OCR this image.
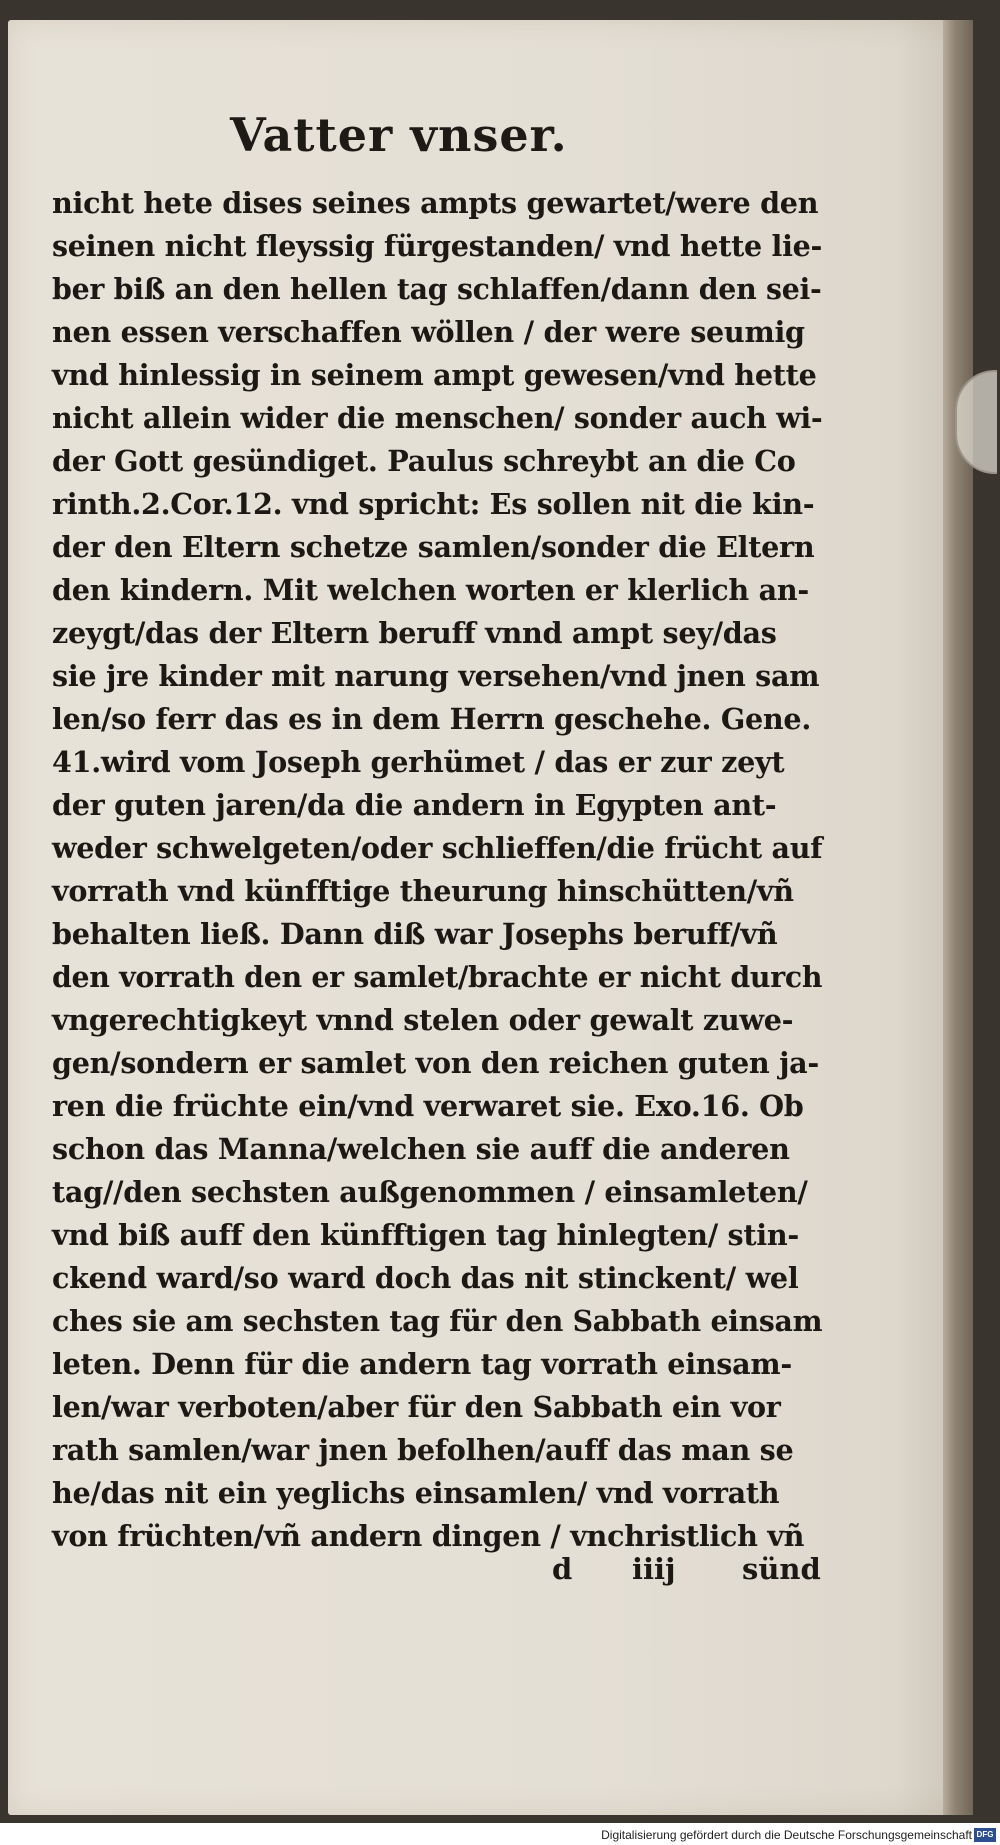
Vatter vnser.
nicht hete dises seines ampts gewartet/were den
seinen nicht fleyssig fürgestanden/ vnd hette lie-
ber biß an den hellen tag schlaffen/dann den sei-
nen essen verschaffen wöllen / der were seumig
vnd hinlessig in seinem ampt gewesen/vnd hette
nicht allein wider die menschen/ sonder auch wi-
der Gott gesündiget. Paulus schreybt an die Co
rinth.2.Cor.12. vnd spricht: Es sollen nit die kin-
der den Eltern schetze samlen/sonder die Eltern
den kindern. Mit welchen worten er klerlich an-
zeygt/das der Eltern beruff vnnd ampt sey/das
sie jre kinder mit narung versehen/vnd jnen sam
len/so ferr das es in dem Herrn geschehe. Gene.
41.wird vom Joseph gerhümet / das er zur zeyt
der guten jaren/da die andern in Egypten ant-
weder schwelgeten/oder schlieffen/die frücht auf
vorrath vnd künfftige theurung hinschütten/vñ
behalten ließ. Dann diß war Josephs beruff/vñ
den vorrath den er samlet/brachte er nicht durch
vngerechtigkeyt vnnd stelen oder gewalt zuwe-
gen/sondern er samlet von den reichen guten ja-
ren die früchte ein/vnd verwaret sie. Exo.16. Ob
schon das Manna/welchen sie auff die anderen
tag//den sechsten außgenommen / einsamleten/
vnd biß auff den künfftigen tag hinlegten/ stin-
ckend ward/so ward doch das nit stinckent/ wel
ches sie am sechsten tag für den Sabbath einsam
leten. Denn für die andern tag vorrath einsam-
len/war verboten/aber für den Sabbath ein vor
rath samlen/war jnen befolhen/auff das man se
he/das nit ein yeglichs einsamlen/ vnd vorrath
von früchten/vñ andern dingen / vnchristlich vñ
d iiij sünd
Digitalisierung gefördert durch die Deutsche Forschungsgemeinschaft DFG
